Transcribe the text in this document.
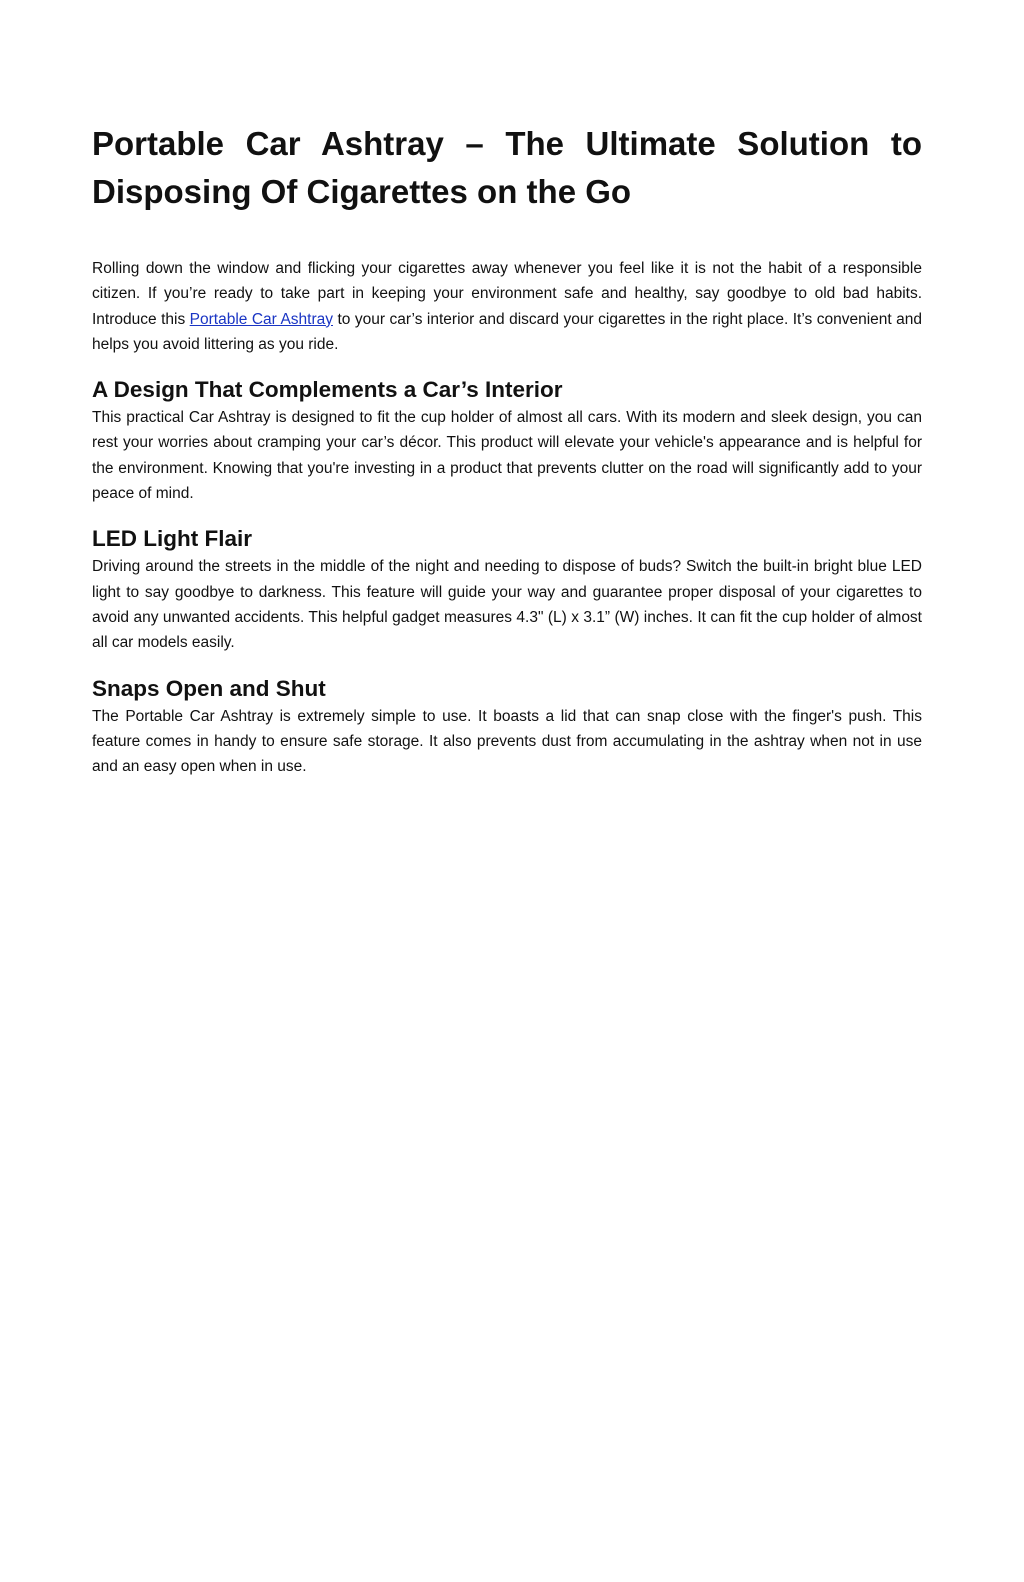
Portable Car Ashtray – The Ultimate Solution to Disposing Of Cigarettes on the Go

Rolling down the window and flicking your cigarettes away whenever you feel like it is not the habit of a responsible citizen. If you’re ready to take part in keeping your environment safe and healthy, say goodbye to old bad habits. Introduce this Portable Car Ashtray to your car’s interior and discard your cigarettes in the right place. It’s convenient and helps you avoid littering as you ride.

A Design That Complements a Car’s Interior

This practical Car Ashtray is designed to fit the cup holder of almost all cars. With its modern and sleek design, you can rest your worries about cramping your car’s décor. This product will elevate your vehicle's appearance and is helpful for the environment. Knowing that you're investing in a product that prevents clutter on the road will significantly add to your peace of mind.

LED Light Flair

Driving around the streets in the middle of the night and needing to dispose of buds? Switch the built-in bright blue LED light to say goodbye to darkness. This feature will guide your way and guarantee proper disposal of your cigarettes to avoid any unwanted accidents. This helpful gadget measures 4.3" (L) x 3.1” (W) inches. It can fit the cup holder of almost all car models easily.

Snaps Open and Shut

The Portable Car Ashtray is extremely simple to use. It boasts a lid that can snap close with the finger's push. This feature comes in handy to ensure safe storage. It also prevents dust from accumulating in the ashtray when not in use and an easy open when in use.
